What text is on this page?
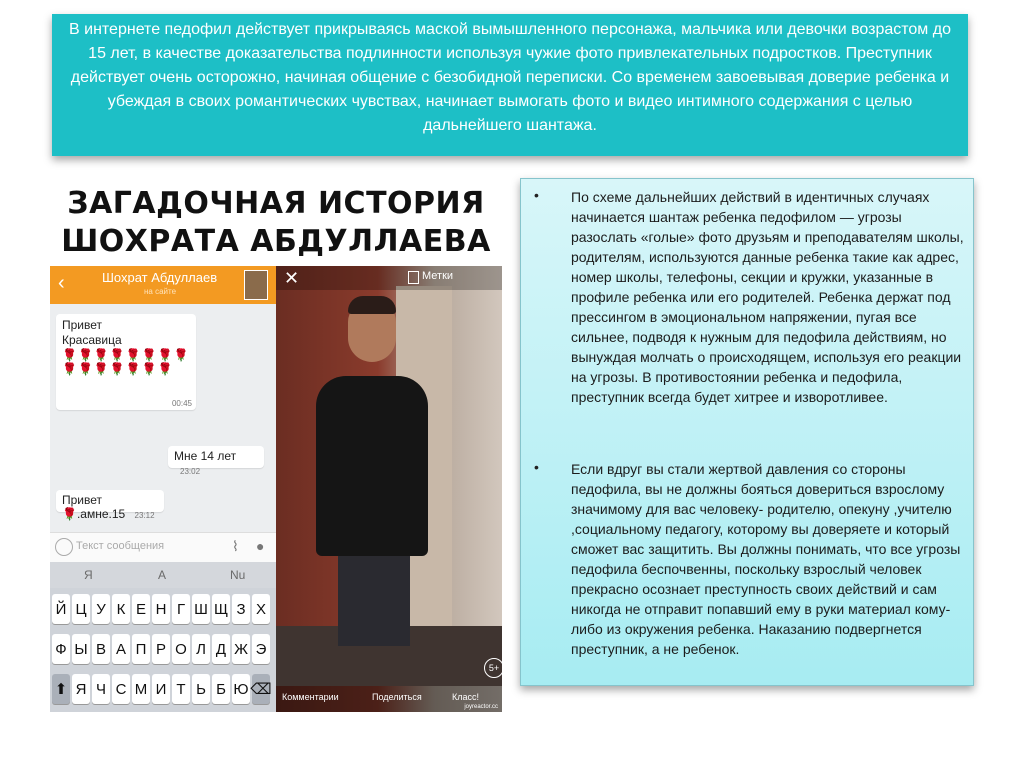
В интернете педофил действует прикрываясь маской вымышленного персонажа, мальчика или девочки возрастом до 15 лет, в качестве доказательства подлинности используя чужие фото привлекательных подростков. Преступник действует очень осторожно, начиная общение с безобидной переписки. Со временем завоевывая доверие ребенка и убеждая в своих романтических чувствах, начинает вымогать фото и видео интимного содержания с целью дальнейшего шантажа.

ЗАГАДОЧНАЯ ИСТОРИЯ
ШОХРАТА АБДУЛЛАЕВА
‹	Шохрат Абдуллаев
на сайте
Привет
Красавица
🌹🌹🌹🌹🌹🌹🌹🌹🌹🌹🌹🌹🌹🌹🌹
00:45
Мне 14 лет 23:02
Привет🌹.амне.15 23:12
Текст сообщения	⌇ ●
Я	А	Nu
Й Ц У К Е Н Г Ш Щ З Х
Ф Ы В А П Р О Л Д Ж Э
⬆ Я Ч С М И Т Ь Б Ю ⌫
✕	Метки
5+
Комментарии	Поделиться	Класс!
joyreactor.cc
• По схеме дальнейших действий в идентичных случаях начинается шантаж ребенка педофилом — угрозы разослать «голые» фото друзьям и преподавателям школы, родителям, используются данные ребенка такие как адрес, номер школы, телефоны, секции и кружки, указанные в профиле ребенка или его родителей. Ребенка держат под прессингом в эмоциональном напряжении, пугая все сильнее, подводя к нужным для педофила действиям, но вынуждая молчать о происходящем, используя его реакции на угрозы. В противостоянии ребенка и педофила, преступник всегда будет хитрее и изворотливее.

• Если вдруг вы стали жертвой давления со стороны педофила, вы не должны бояться довериться взрослому значимому для вас человеку- родителю, опекуну ,учителю ,социальному педагогу, которому вы доверяете и который сможет вас защитить. Вы должны понимать, что все угрозы педофила беспочвенны, поскольку взрослый человек прекрасно осознает преступность своих действий и сам никогда не отправит попавший ему в руки материал кому-либо из окружения ребенка. Наказанию подвергнется преступник, а не ребенок.
